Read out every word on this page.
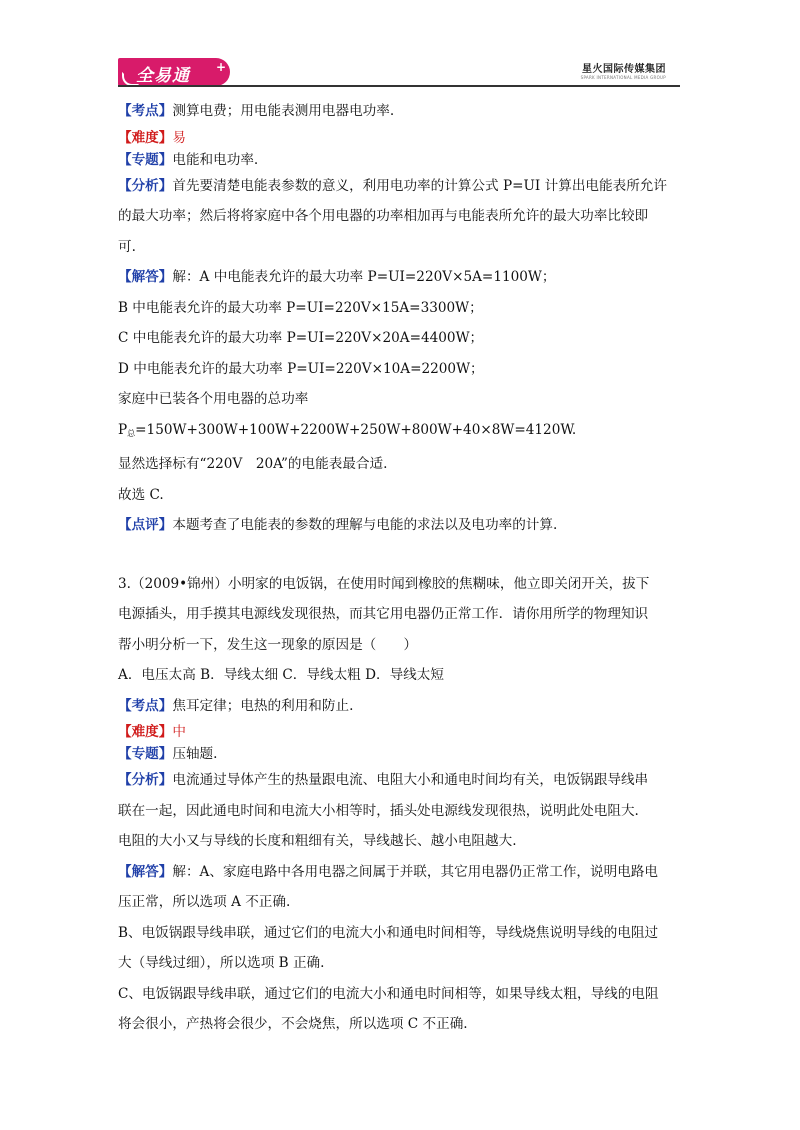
全易通 +	星火国际传媒集团
SPARK INTERNATIONAL MEDIA GROUP

【考点】测算电费；用电能表测用电器电功率.

【难度】易

【专题】电能和电功率.

【分析】首先要清楚电能表参数的意义，利用电功率的计算公式 P=UI 计算出电能表所允许

的最大功率；然后将将家庭中各个用电器的功率相加再与电能表所允许的最大功率比较即

可.

【解答】解：A 中电能表允许的最大功率 P=UI=220V×5A=1100W；

B 中电能表允许的最大功率 P=UI=220V×15A=3300W；

C 中电能表允许的最大功率 P=UI=220V×20A=4400W；

D 中电能表允许的最大功率 P=UI=220V×10A=2200W；

家庭中已装各个用电器的总功率

$P_总=150W+300W+100W+2200W+250W+800W+40\times 8W=4120W$.

显然选择标有“220V　20A”的电能表最合适.

故选 C.

【点评】本题考查了电能表的参数的理解与电能的求法以及电功率的计算.

3.（2009•锦州）小明家的电饭锅，在使用时闻到橡胶的焦糊味，他立即关闭开关，拔下

电源插头，用手摸其电源线发现很热，而其它用电器仍正常工作．请你用所学的物理知识

帮小明分析一下，发生这一现象的原因是（　　）

A．电压太高 B．导线太细 C．导线太粗 D．导线太短

【考点】焦耳定律；电热的利用和防止.

【难度】中

【专题】压轴题.

【分析】电流通过导体产生的热量跟电流、电阻大小和通电时间均有关，电饭锅跟导线串

联在一起，因此通电时间和电流大小相等时，插头处电源线发现很热，说明此处电阻大.

电阻的大小又与导线的长度和粗细有关，导线越长、越小电阻越大.

【解答】解：A、家庭电路中各用电器之间属于并联，其它用电器仍正常工作，说明电路电

压正常，所以选项 A 不正确.

B、电饭锅跟导线串联，通过它们的电流大小和通电时间相等，导线烧焦说明导线的电阻过

大（导线过细），所以选项 B 正确.

C、电饭锅跟导线串联，通过它们的电流大小和通电时间相等，如果导线太粗，导线的电阻

将会很小，产热将会很少，不会烧焦，所以选项 C 不正确.
